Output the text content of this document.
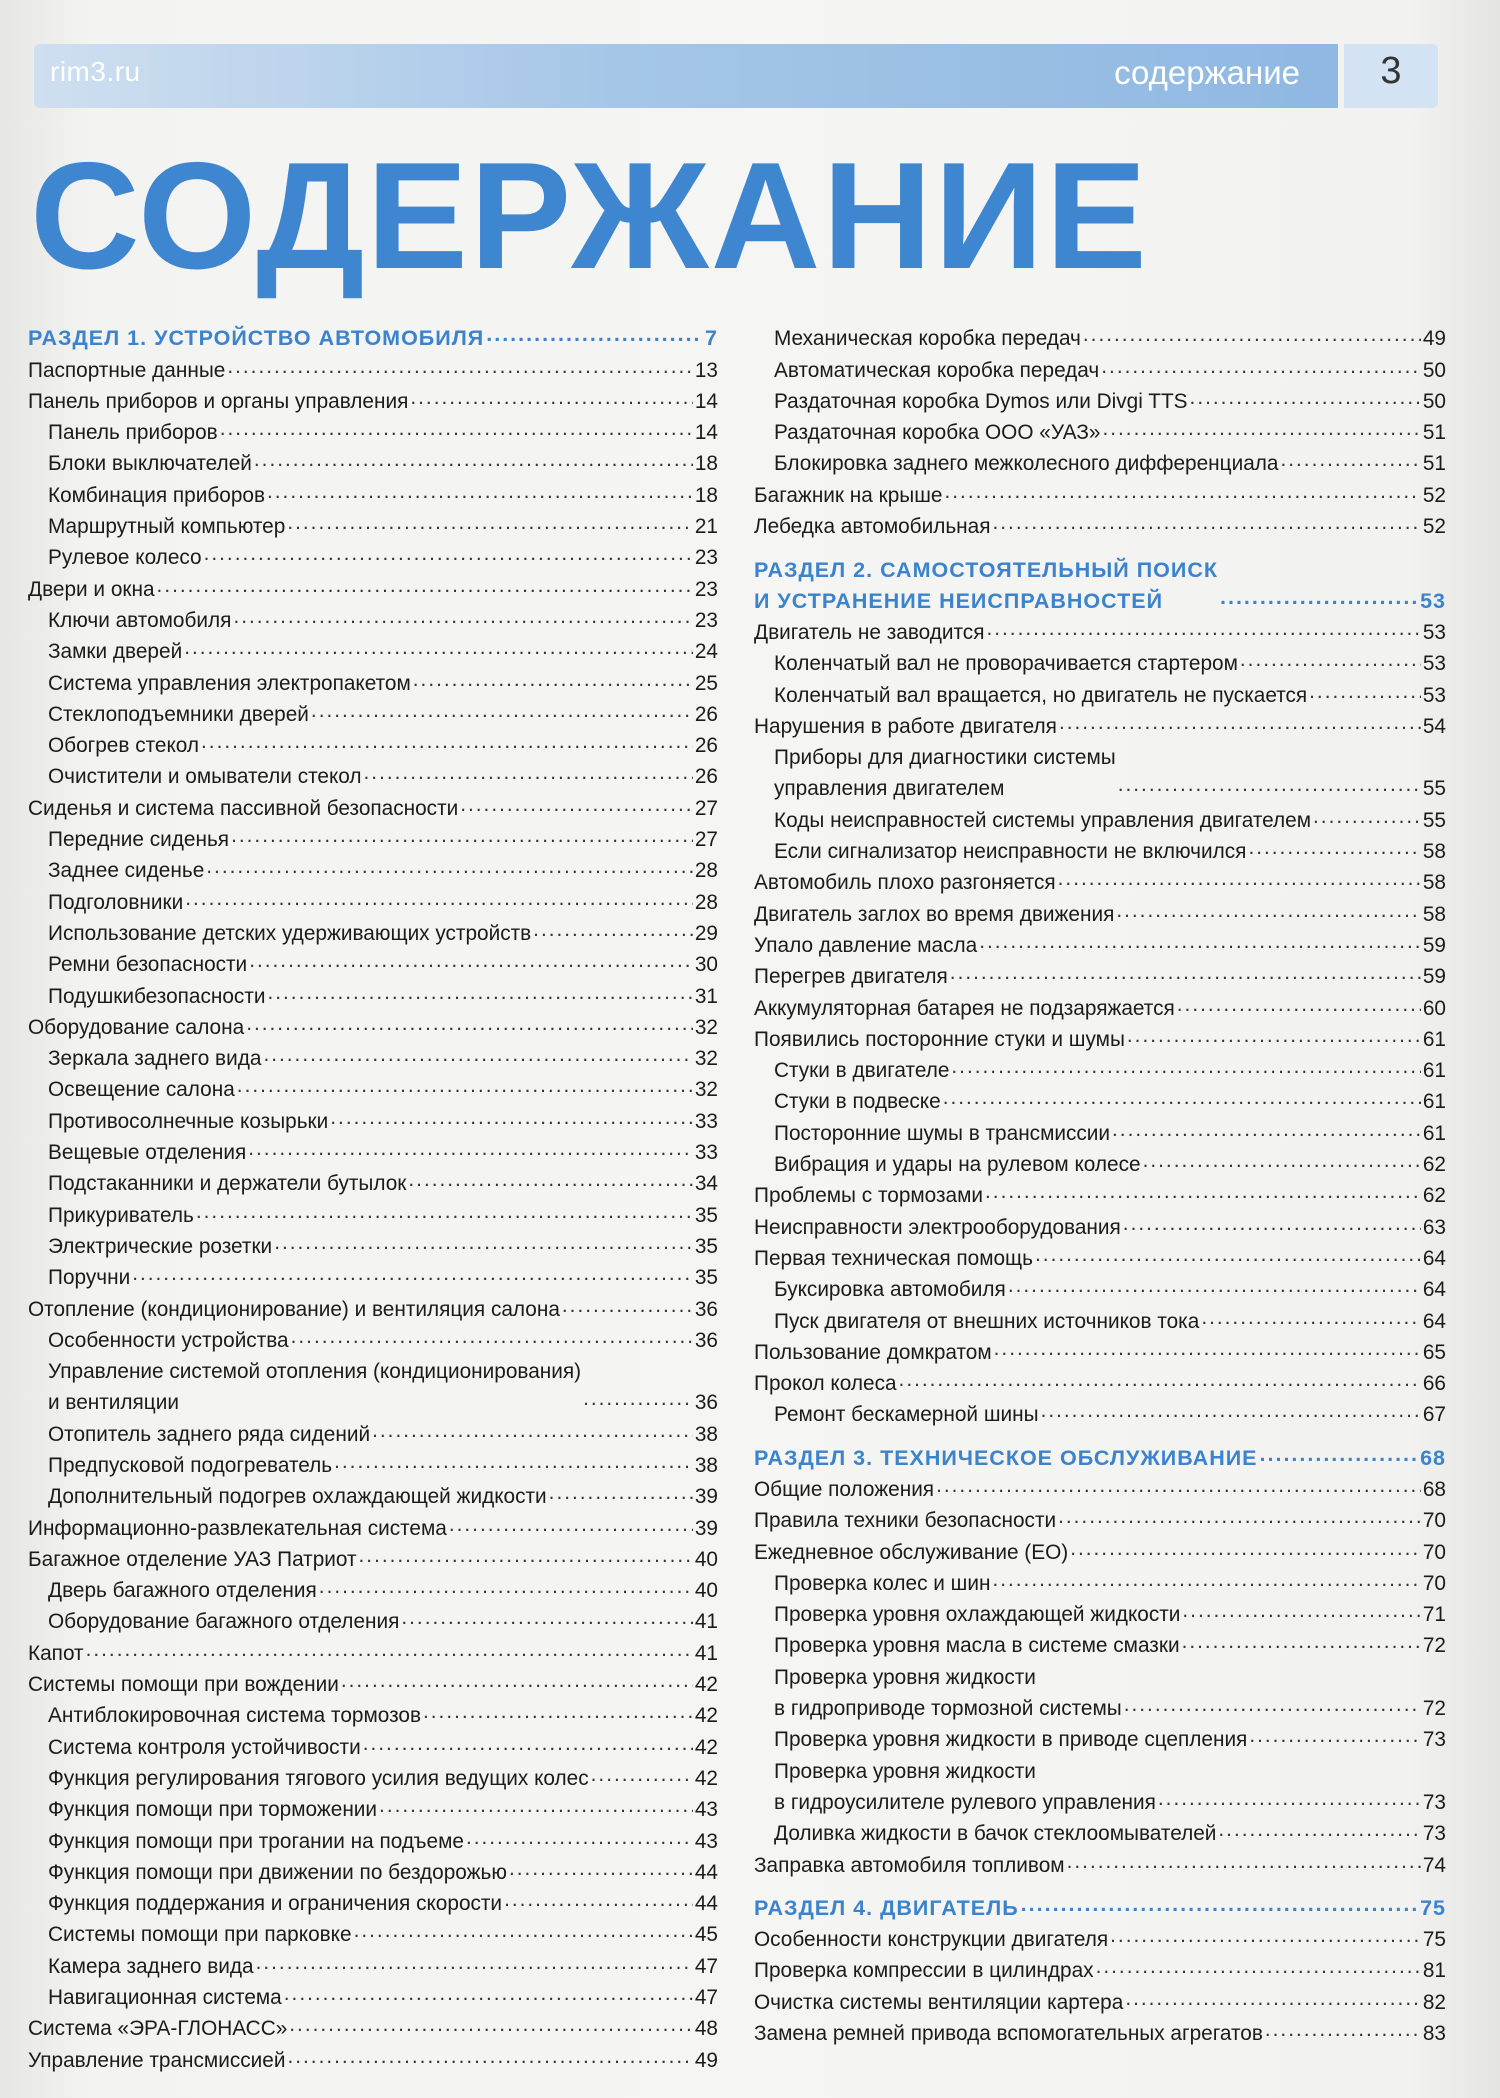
rim3.ru	содержание	3
СОДЕРЖАНИЕ
РАЗДЕЛ 1. УСТРОЙСТВО АВТОМОБИЛЯ .....	7
Паспортные данные .....	13
Панель приборов и органы управления .....	14
Панель приборов .....	14
Блоки выключателей .....	18
Комбинация приборов .....	18
Маршрутный компьютер .....	21
Рулевое колесо .....	23
Двери и окна .....	23
Ключи автомобиля .....	23
Замки дверей .....	24
Система управления электропакетом .....	25
Стеклоподъемники дверей .....	26
Обогрев стекол .....	26
Очистители и омыватели стекол .....	26
Сиденья и система пассивной безопасности .....	27
Передние сиденья .....	27
Заднее сиденье .....	28
Подголовники .....	28
Использование детских удерживающих устройств .....	29
Ремни безопасности .....	30
Подушкибезопасности .....	31
Оборудование салона .....	32
Зеркала заднего вида .....	32
Освещение салона .....	32
Противосолнечные козырьки .....	33
Вещевые отделения .....	33
Подстаканники и держатели бутылок .....	34
Прикуриватель .....	35
Электрические розетки .....	35
Поручни .....	35
Отопление (кондиционирование) и вентиляция салона .....	36
Особенности устройства .....	36
Управление системой отопления (кондиционирования)
и вентиляции .....	36
Отопитель заднего ряда сидений .....	38
Предпусковой подогреватель .....	38
Дополнительный подогрев охлаждающей жидкости .....	39
Информационно-развлекательная система .....	39
Багажное отделение УАЗ Патриот .....	40
Дверь багажного отделения .....	40
Оборудование багажного отделения .....	41
Капот .....	41
Системы помощи при вождении .....	42
Антиблокировочная система тормозов .....	42
Система контроля устойчивости .....	42
Функция регулирования тягового усилия ведущих колес .....	42
Функция помощи при торможении .....	43
Функция помощи при трогании на подъеме .....	43
Функция помощи при движении по бездорожью .....	44
Функция поддержания и ограничения скорости .....	44
Системы помощи при парковке .....	45
Камера заднего вида .....	47
Навигационная система .....	47
Система «ЭРА-ГЛОНАСС» .....	48
Управление трансмиссией .....	49
Механическая коробка передач .....	49
Автоматическая коробка передач .....	50
Раздаточная коробка Dymos или Divgi TTS .....	50
Раздаточная коробка ООО «УАЗ» .....	51
Блокировка заднего межколесного дифференциала .....	51
Багажник на крыше .....	52
Лебедка автомобильная .....	52
РАЗДЕЛ 2. САМОСТОЯТЕЛЬНЫЙ ПОИСК
И УСТРАНЕНИЕ НЕИСПРАВНОСТЕЙ .....	53
Двигатель не заводится .....	53
Коленчатый вал не проворачивается стартером .....	53
Коленчатый вал вращается, но двигатель не пускается .....	53
Нарушения в работе двигателя .....	54
Приборы для диагностики системы
управления двигателем .....	55
Коды неисправностей системы управления двигателем .....	55
Если сигнализатор неисправности не включился .....	58
Автомобиль плохо разгоняется .....	58
Двигатель заглох во время движения .....	58
Упало давление масла .....	59
Перегрев двигателя .....	59
Аккумуляторная батарея не подзаряжается .....	60
Появились посторонние стуки и шумы .....	61
Стуки в двигателе .....	61
Стуки в подвеске .....	61
Посторонние шумы в трансмиссии .....	61
Вибрация и удары на рулевом колесе .....	62
Проблемы с тормозами .....	62
Неисправности электрооборудования .....	63
Первая техническая помощь .....	64
Буксировка автомобиля .....	64
Пуск двигателя от внешних источников тока .....	64
Пользование домкратом .....	65
Прокол колеса .....	66
Ремонт бескамерной шины .....	67
РАЗДЕЛ 3. ТЕХНИЧЕСКОЕ ОБСЛУЖИВАНИЕ .....	68
Общие положения .....	68
Правила техники безопасности .....	70
Ежедневное обслуживание (ЕО) .....	70
Проверка колес и шин .....	70
Проверка уровня охлаждающей жидкости .....	71
Проверка уровня масла в системе смазки .....	72
Проверка уровня жидкости
в гидроприводе тормозной системы .....	72
Проверка уровня жидкости в приводе сцепления .....	73
Проверка уровня жидкости
в гидроусилителе рулевого управления .....	73
Доливка жидкости в бачок стеклоомывателей .....	73
Заправка автомобиля топливом .....	74
РАЗДЕЛ 4. ДВИГАТЕЛЬ .....	75
Особенности конструкции двигателя .....	75
Проверка компрессии в цилиндрах .....	81
Очистка системы вентиляции картера .....	82
Замена ремней привода вспомогательных агрегатов .....	83
